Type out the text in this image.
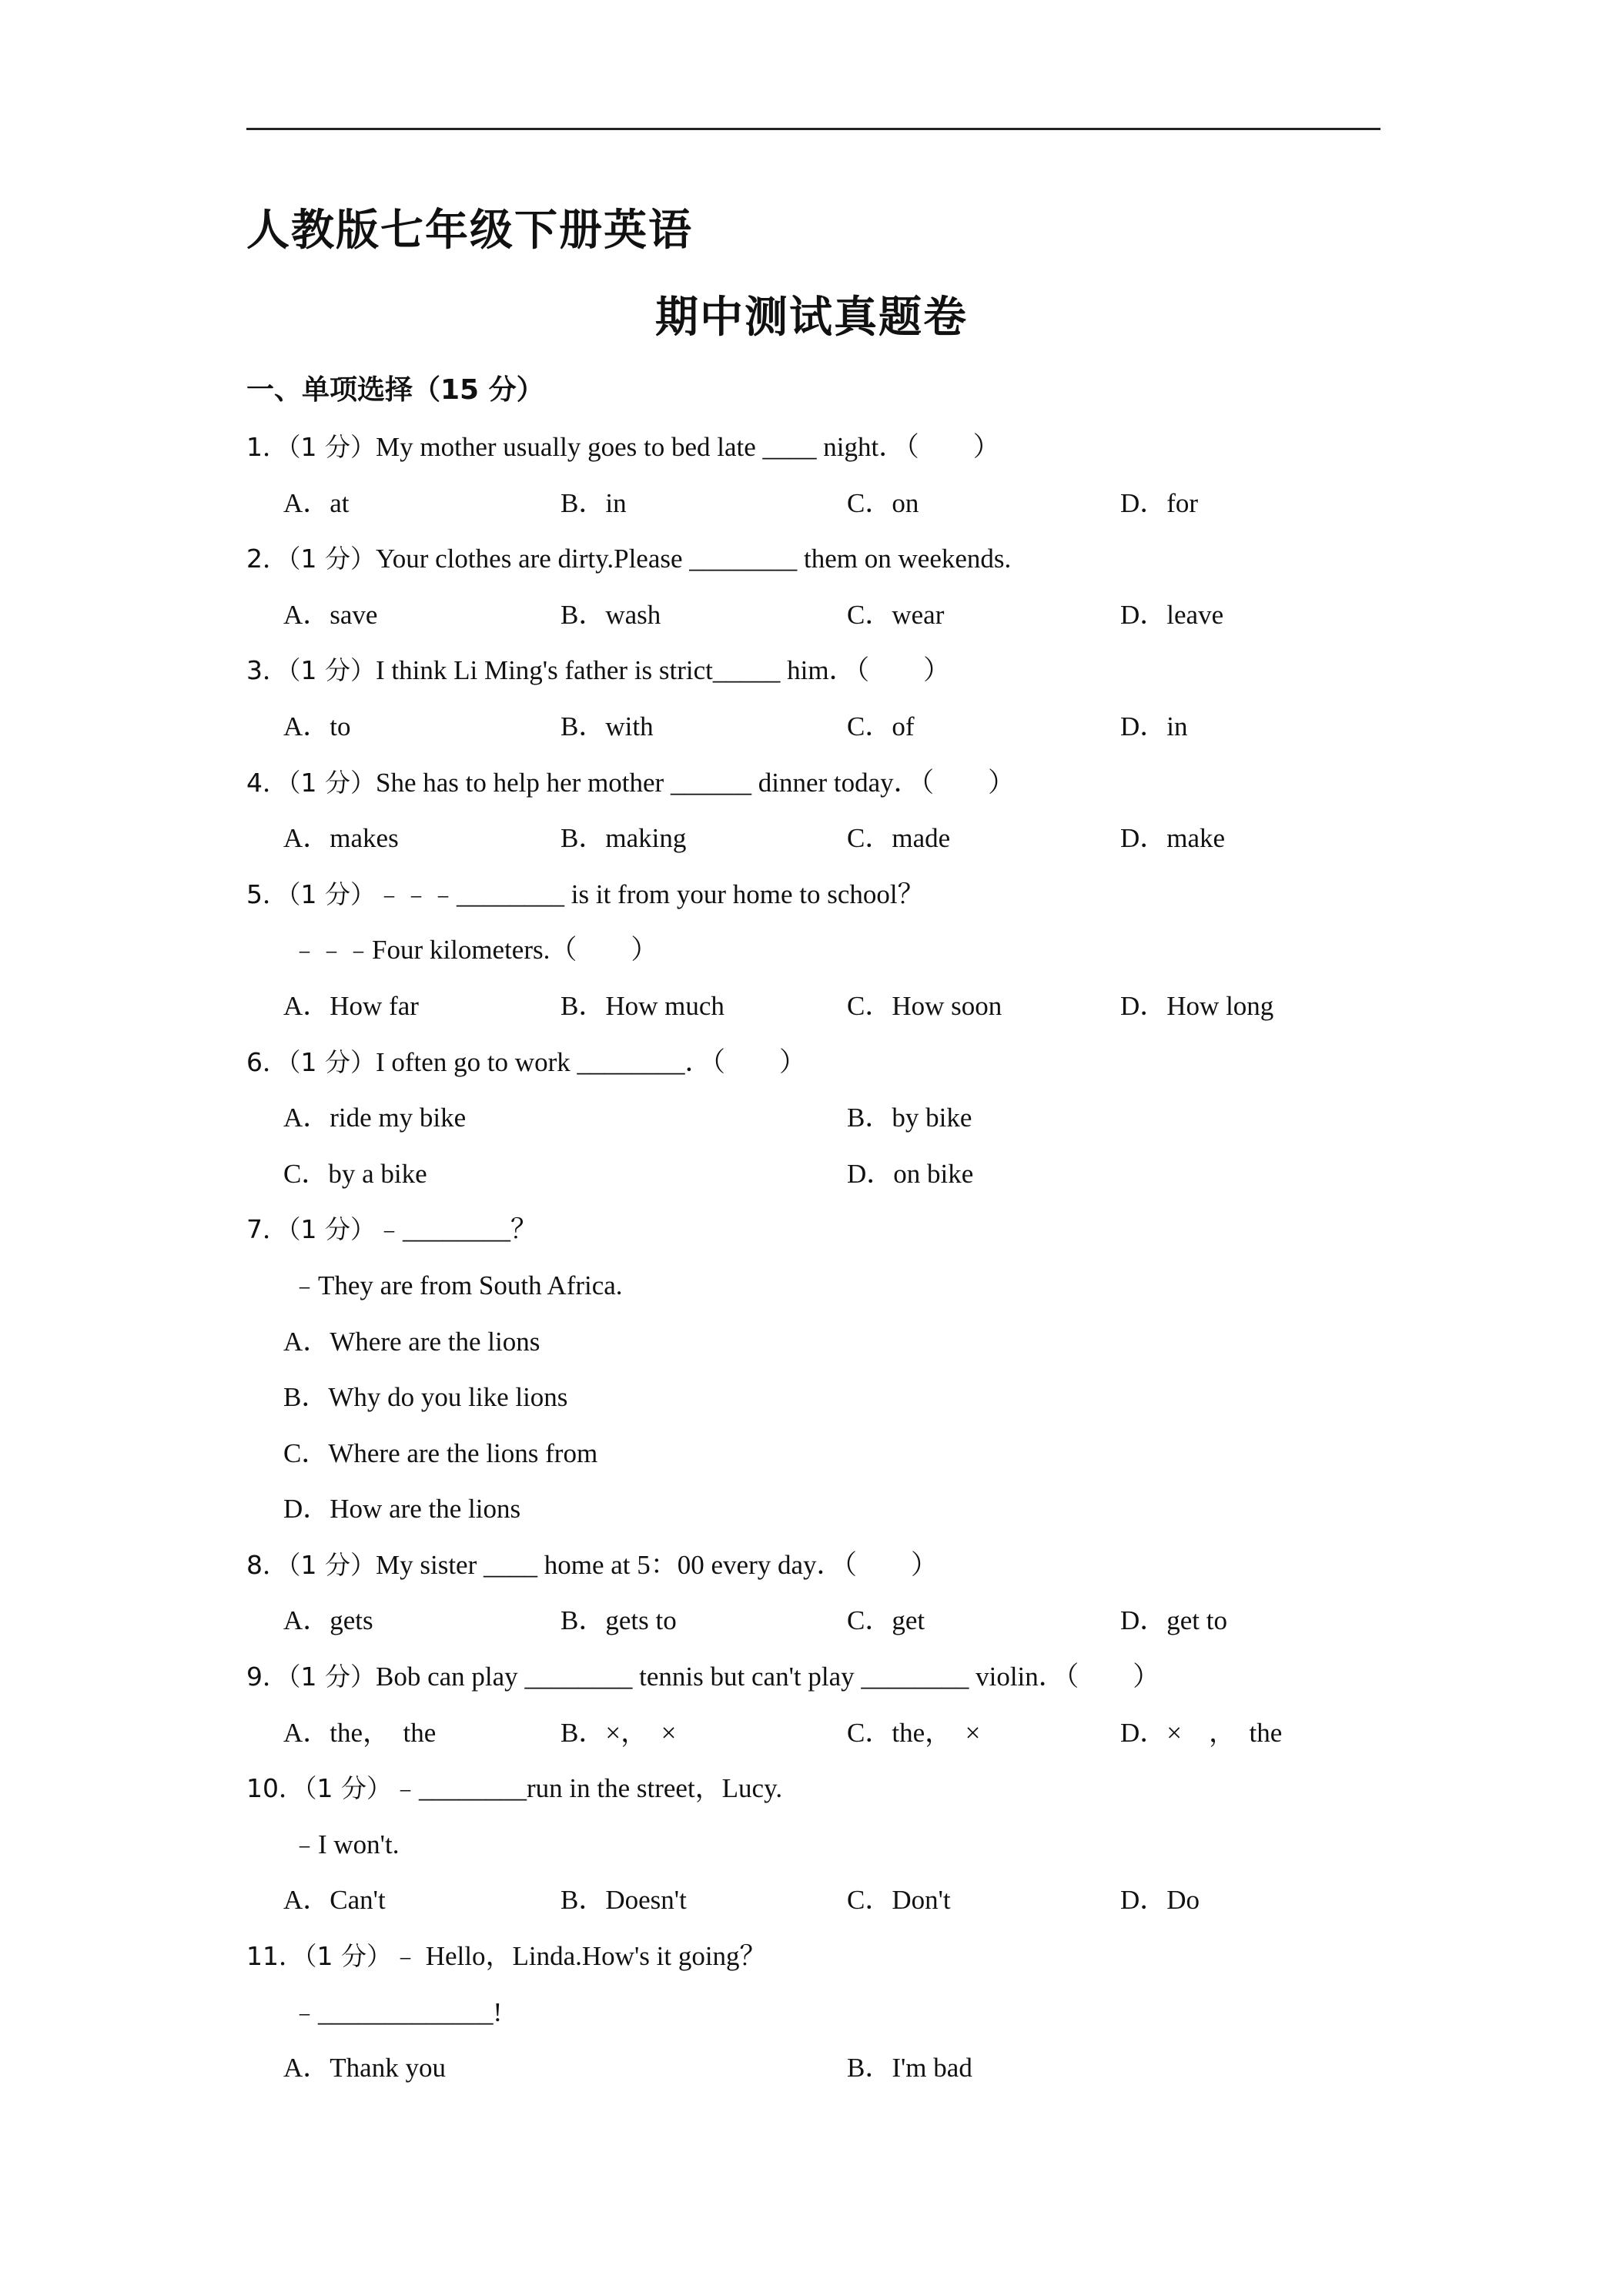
人教版七年级下册英语
期中测试真题卷
一、单项选择（15 分）
1．（1 分）My mother usually goes to bed late ____ night．（　　）
A．at	B．in	C．on	D．for
2．（1 分）Your clothes are dirty.Please ________ them on weekends.
A．save	B．wash	C．wear	D．leave
3．（1 分）I think Li Ming's father is strict_____ him．（　　）
A．to	B．with	C．of	D．in
4．（1 分）She has to help her mother ______ dinner today．（　　）
A．makes	B．making	C．made	D．make
5．（1 分）﹣﹣﹣________ is it from your home to school？
﹣﹣﹣Four kilometers.（　　）
A．How far	B．How much	C．How soon	D．How long
6．（1 分）I often go to work ________．（　　）
A．ride my bike	B．by bike
C．by a bike	D．on bike
7．（1 分）﹣________？
﹣They are from South Africa.
A．Where are the lions
B．Why do you like lions
C．Where are the lions from
D．How are the lions
8．（1 分）My sister ____ home at 5：00 every day．（　　）
A．gets	B．gets to	C．get	D．get to
9．（1 分）Bob can play ________ tennis but can't play ________ violin．（　　）
A．the，　the	B．×，　×	C．the，　×	D．×　，　the
10．（1 分）﹣________run in the street，Lucy.
﹣I won't.
A．Can't	B．Doesn't	C．Don't	D．Do
11．（1 分）﹣ Hello，Linda.How's it going？
﹣_____________!
A．Thank you	B．I'm bad
